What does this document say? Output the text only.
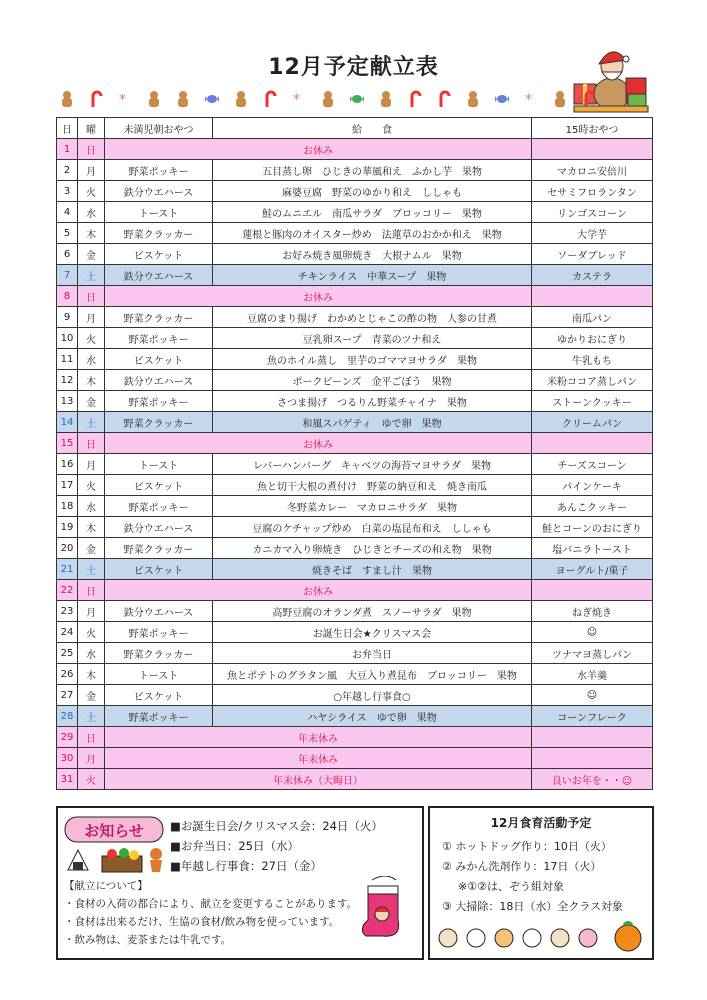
12月予定献立表
*	*	*
日	曜	未満児朝おやつ	給　　食	15時おやつ
1	日	お休み		
2	月	野菜ポッキー	五目蒸し卵　ひじきの華風和え　ふかし芋　果物	マカロニ安倍川
3	火	鉄分ウエハース	麻婆豆腐　野菜のゆかり和え　ししゃも	セサミフロランタン
4	水	トースト	鮭のムニエル　南瓜サラダ　ブロッコリー　果物	リンゴスコーン
5	木	野菜クラッカー	蓮根と豚肉のオイスター炒め　法蓮草のおかか和え　果物	大学芋
6	金	ビスケット	お好み焼き風卵焼き　大根ナムル　果物	ソーダブレッド
7	土	鉄分ウエハース	チキンライス　中華スープ　果物	カステラ
8	日	お休み		
9	月	野菜クラッカー	豆腐のまり揚げ　わかめとじゃこの酢の物　人参の甘煮	南瓜パン
10	火	野菜ポッキー	豆乳卵スープ　青菜のツナ和え	ゆかりおにぎり
11	水	ビスケット	魚のホイル蒸し　里芋のゴママヨサラダ　果物	牛乳もち
12	木	鉄分ウエハース	ポークビーンズ　金平ごぼう　果物	米粉ココア蒸しパン
13	金	野菜ポッキー	さつま揚げ　つるりん野菜チャイナ　果物	ストーンクッキー
14	土	野菜クラッカー	和風スパゲティ　ゆで卵　果物	クリームパン
15	日	お休み		
16	月	トースト	レバーハンバーグ　キャベツの海苔マヨサラダ　果物	チーズスコーン
17	火	ビスケット	魚と切干大根の煮付け　野菜の納豆和え　焼き南瓜	パインケーキ
18	水	野菜ポッキー	冬野菜カレー　マカロニサラダ　果物	あんこクッキー
19	木	鉄分ウエハース	豆腐のケチャップ炒め　白菜の塩昆布和え　ししゃも	鮭とコーンのおにぎり
20	金	野菜クラッカー	カニカマ入り卵焼き　ひじきとチーズの和え物　果物	塩バニラトースト
21	土	ビスケット	焼きそば　すまし汁　果物	ヨーグルト/菓子
22	日	お休み		
23	月	鉄分ウエハース	高野豆腐のオランダ煮　スノーサラダ　果物	ねぎ焼き
24	火	野菜ポッキー	お誕生日会★クリスマス会	☺
25	水	野菜クラッカー	お弁当日	ツナマヨ蒸しパン
26	木	トースト	魚とポテトのグラタン風　大豆入り煮昆布　ブロッコリー　果物	水羊羹
27	金	ビスケット	○年越し行事食○	☺
28	土	野菜ポッキー	ハヤシライス　ゆで卵　果物	コーンフレーク
29	日	年末休み		
30	月	年末休み		
31	火	年末休み（大晦日）		良いお年を・・☺
お知らせ ■お誕生日会/クリスマス会：24日（火）
■お弁当日：25日（水）
■年越し行事食：27日（金）
【献立について】
・食材の入荷の都合により、献立を変更することがあります。
・食材は出来るだけ、生協の食材/飲み物を使っています。
・飲み物は、麦茶または牛乳です。
12月食育活動予定
① ホットドッグ作り：10日（火）
② みかん洗剤作り：17日（火）
※①②は、ぞう組対象
③ 大掃除：18日（水）全クラス対象
